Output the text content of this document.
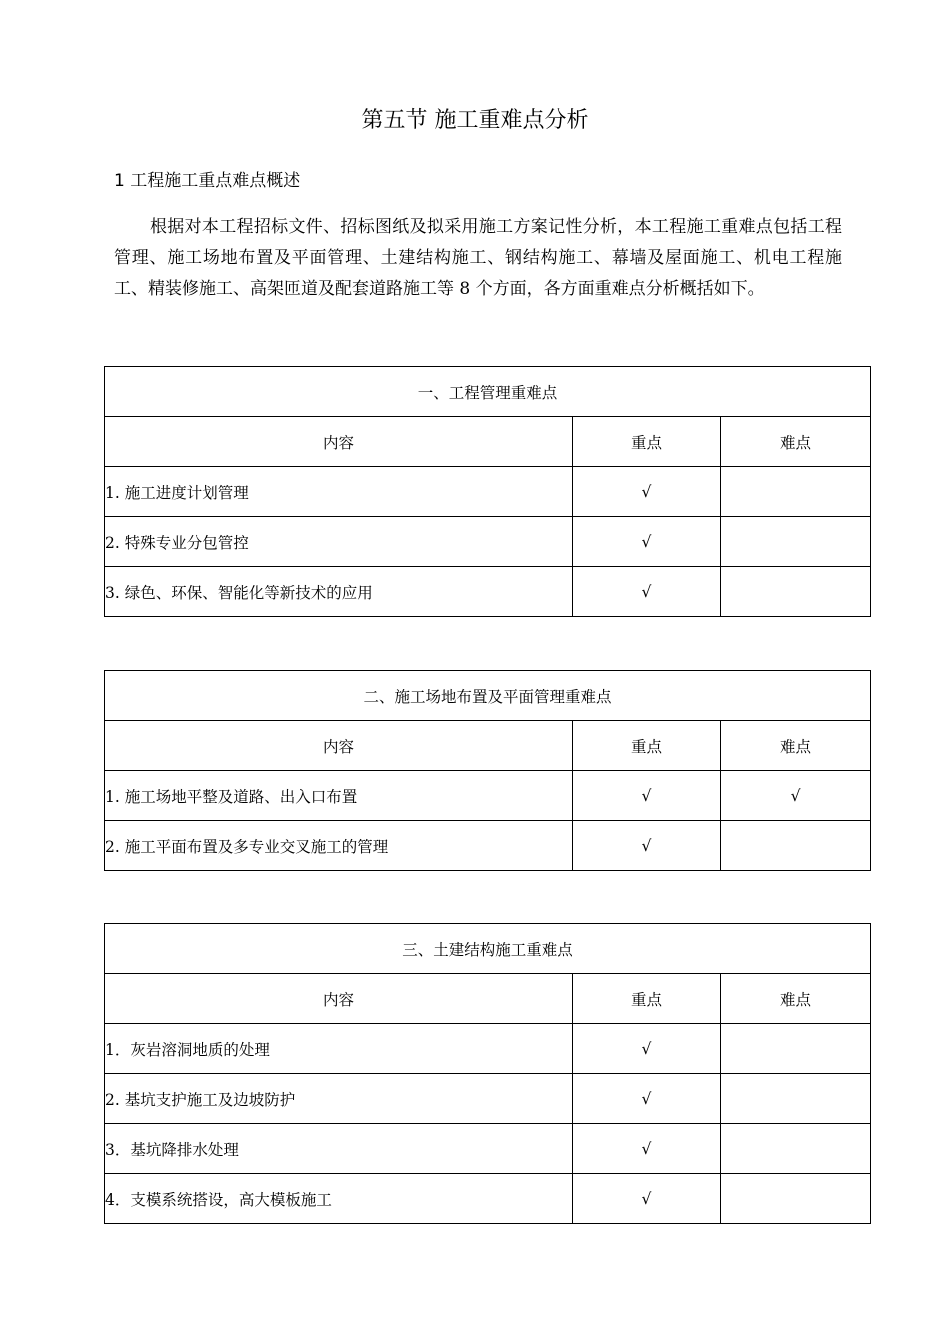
第五节 施工重难点分析
1 工程施工重点难点概述

根据对本工程招标文件、招标图纸及拟采用施工方案记性分析，本工程施工重难点包括工程管理、施工场地布置及平面管理、土建结构施工、钢结构施工、幕墙及屋面施工、机电工程施工、精装修施工、高架匝道及配套道路施工等 8 个方面，各方面重难点分析概括如下。

一、工程管理重难点		
内容	重点	难点
1. 施工进度计划管理	√	
2. 特殊专业分包管控	√	
3. 绿色、环保、智能化等新技术的应用	√	
二、施工场地布置及平面管理重难点		
内容	重点	难点
1. 施工场地平整及道路、出入口布置	√	√
2. 施工平面布置及多专业交叉施工的管理	√	
三、土建结构施工重难点		
内容	重点	难点
1．灰岩溶洞地质的处理	√	
2. 基坑支护施工及边坡防护	√	
3．基坑降排水处理	√	
4．支模系统搭设，高大模板施工	√	
